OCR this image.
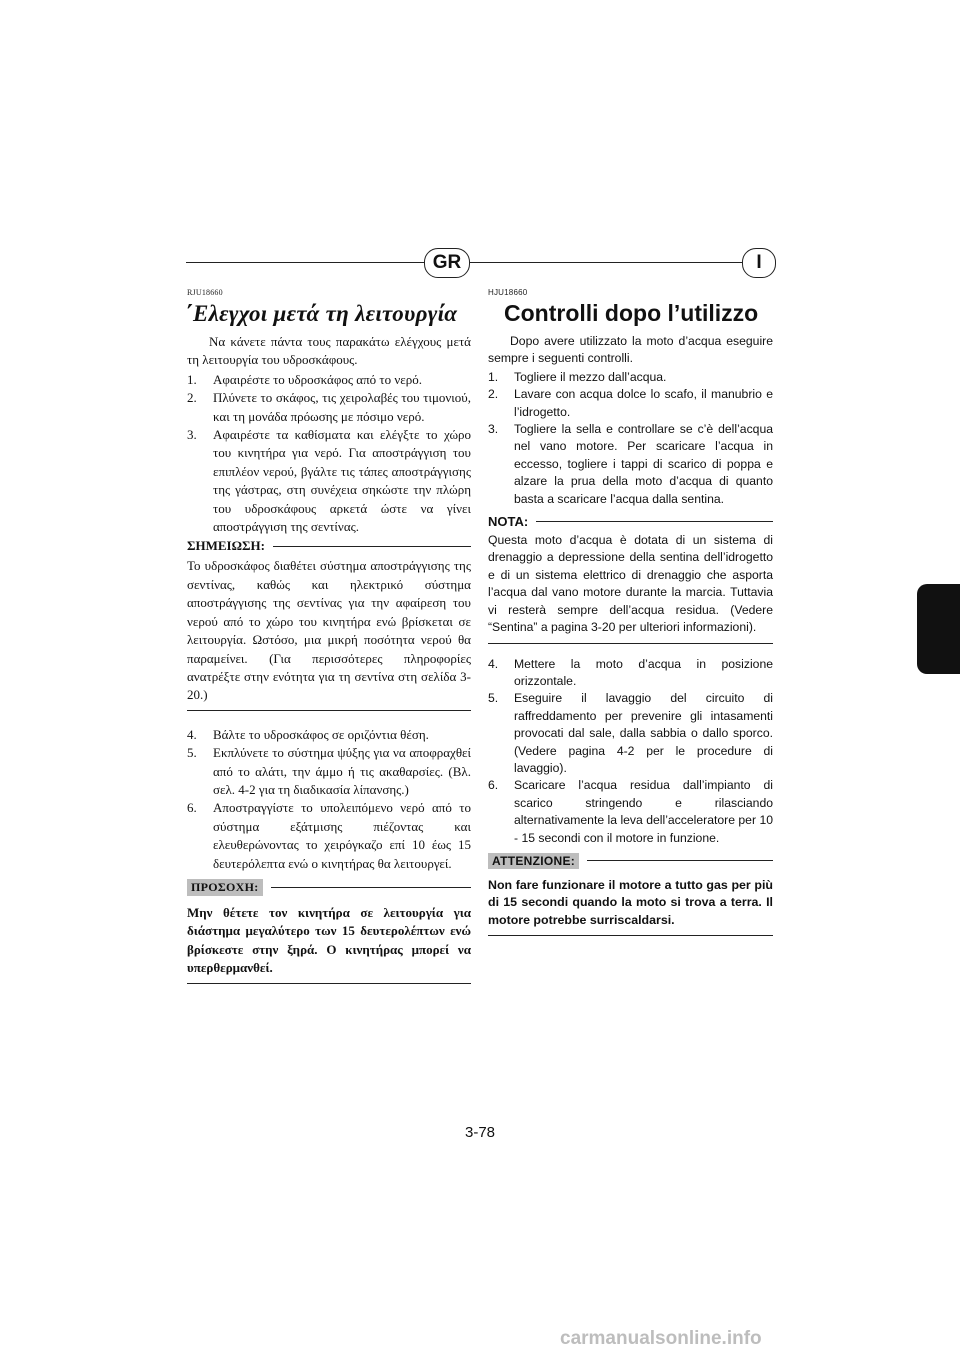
GR	I
RJU18660
΄Ελεγχοι μετά τη λειτουργία

Να κάνετε πάντα τους παρακάτω ελέγχους μετά τη λειτουργία του υδροσκάφους.

1. Αφαιρέστε το υδροσκάφος από το νερό.
2. Πλύνετε το σκάφος, τις χειρολαβές του τιμονιού, και τη μονάδα πρόωσης με πόσιμο νερό.
3. Αφαιρέστε τα καθίσματα και ελέγξτε το χώρο του κινητήρα για νερό. Για αποστράγγιση του επιπλέον νερού, βγάλτε τις τάπες αποστράγγισης της γάστρας, στη συνέχεια σηκώστε την πλώρη του υδροσκάφους αρκετά ώστε να γίνει αποστράγγιση της σεντίνας.
ΣΗΜΕΙΩΣΗ:

Το υδροσκάφος διαθέτει σύστημα αποστράγγισης της σεντίνας, καθώς και ηλεκτρικό σύστημα αποστράγγισης της σεντίνας για την αφαίρεση του νερού από το χώρο του κινητήρα ενώ βρίσκεται σε λειτουργία. Ωστόσο, μια μικρή ποσότητα νερού θα παραμείνει. (Για περισσότερες πληροφορίες ανατρέξτε στην ενότητα για τη σεντίνα στη σελίδα 3-20.)

4. Βάλτε το υδροσκάφος σε οριζόντια θέση.
5. Εκπλύνετε το σύστημα ψύξης για να αποφραχθεί από το αλάτι, την άμμο ή τις ακαθαρσίες. (Βλ. σελ. 4-2 για τη διαδικασία λίπανσης.)
6. Αποστραγγίστε το υπολειπόμενο νερό από το σύστημα εξάτμισης πιέζοντας και ελευθερώνοντας το χειρόγκαζο επί 10 έως 15 δευτερόλεπτα ενώ ο κινητήρας θα λειτουργεί.
ΠΡΟΣΟΧΗ:

Μην θέτετε τον κινητήρα σε λειτουργία για διάστημα μεγαλύτερο των 15 δευτερολέπτων ενώ βρίσκεστε στην ξηρά. Ο κινητήρας μπορεί να υπερθερμανθεί.

HJU18660
Controlli dopo l’utilizzo

Dopo avere utilizzato la moto d’acqua eseguire sempre i seguenti controlli.

1. Togliere il mezzo dall’acqua.
2. Lavare con acqua dolce lo scafo, il manubrio e l’idrogetto.
3. Togliere la sella e controllare se c’è dell’acqua nel vano motore. Per scaricare l’acqua in eccesso, togliere i tappi di scarico di poppa e alzare la prua della moto d’acqua di quanto basta a scaricare l’acqua dalla sentina.
NOTA:

Questa moto d’acqua è dotata di un sistema di drenaggio a depressione della sentina dell’idrogetto e di un sistema elettrico di drenaggio che asporta l’acqua dal vano motore durante la marcia. Tuttavia vi resterà sempre dell’acqua residua. (Vedere “Sentina” a pagina 3-20 per ulteriori informazioni).

4. Mettere la moto d’acqua in posizione orizzontale.
5. Eseguire il lavaggio del circuito di raffreddamento per prevenire gli intasamenti provocati dal sale, dalla sabbia o dallo sporco. (Vedere pagina 4-2 per le procedure di lavaggio).
6. Scaricare l’acqua residua dall’impianto di scarico stringendo e rilasciando alternativamente la leva dell’acceleratore per 10 - 15 secondi con il motore in funzione.
ATTENZIONE:

Non fare funzionare il motore a tutto gas per più di 15 secondi quando la moto si trova a terra. Il motore potrebbe surriscaldarsi.

3-78
carmanualsonline.info
